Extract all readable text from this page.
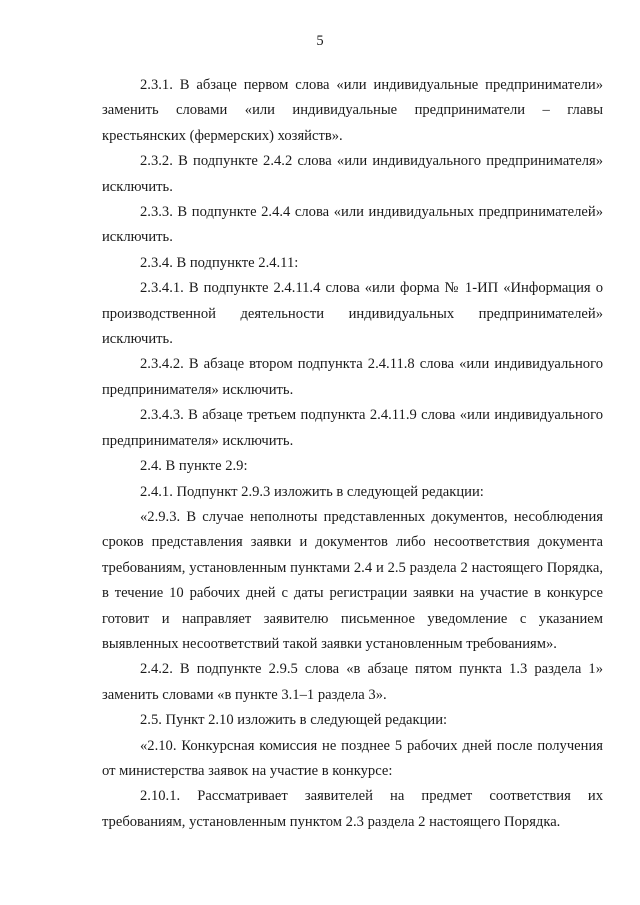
5

2.3.1. В абзаце первом слова «или индивидуальные предприниматели» заменить словами «или индивидуальные предприниматели – главы крестьянских (фермерских) хозяйств».

2.3.2. В подпункте 2.4.2 слова «или индивидуального предпринимателя» исключить.

2.3.3. В подпункте 2.4.4 слова «или индивидуальных предпринимателей» исключить.

2.3.4. В подпункте 2.4.11:

2.3.4.1. В подпункте 2.4.11.4 слова «или форма № 1-ИП «Информация о производственной деятельности индивидуальных предпринимателей» исключить.

2.3.4.2. В абзаце втором подпункта 2.4.11.8 слова «или индивидуального предпринимателя» исключить.

2.3.4.3. В абзаце третьем подпункта 2.4.11.9 слова «или индивидуального предпринимателя» исключить.

2.4. В пункте 2.9:

2.4.1. Подпункт 2.9.3 изложить в следующей редакции:

«2.9.3. В случае неполноты представленных документов, несоблюдения сроков представления заявки и документов либо несоответствия документа требованиям, установленным пунктами 2.4 и 2.5 раздела 2 настоящего Порядка, в течение 10 рабочих дней с даты регистрации заявки на участие в конкурсе готовит и направляет заявителю письменное уведомление с указанием выявленных несоответствий такой заявки установленным требованиям».

2.4.2. В подпункте 2.9.5 слова «в абзаце пятом пункта 1.3 раздела 1» заменить словами «в пункте 3.1–1 раздела 3».

2.5. Пункт 2.10 изложить в следующей редакции:

«2.10. Конкурсная комиссия не позднее 5 рабочих дней после получения от министерства заявок на участие в конкурсе:

2.10.1. Рассматривает заявителей на предмет соответствия их требованиям, установленным пунктом 2.3 раздела 2 настоящего Порядка.
